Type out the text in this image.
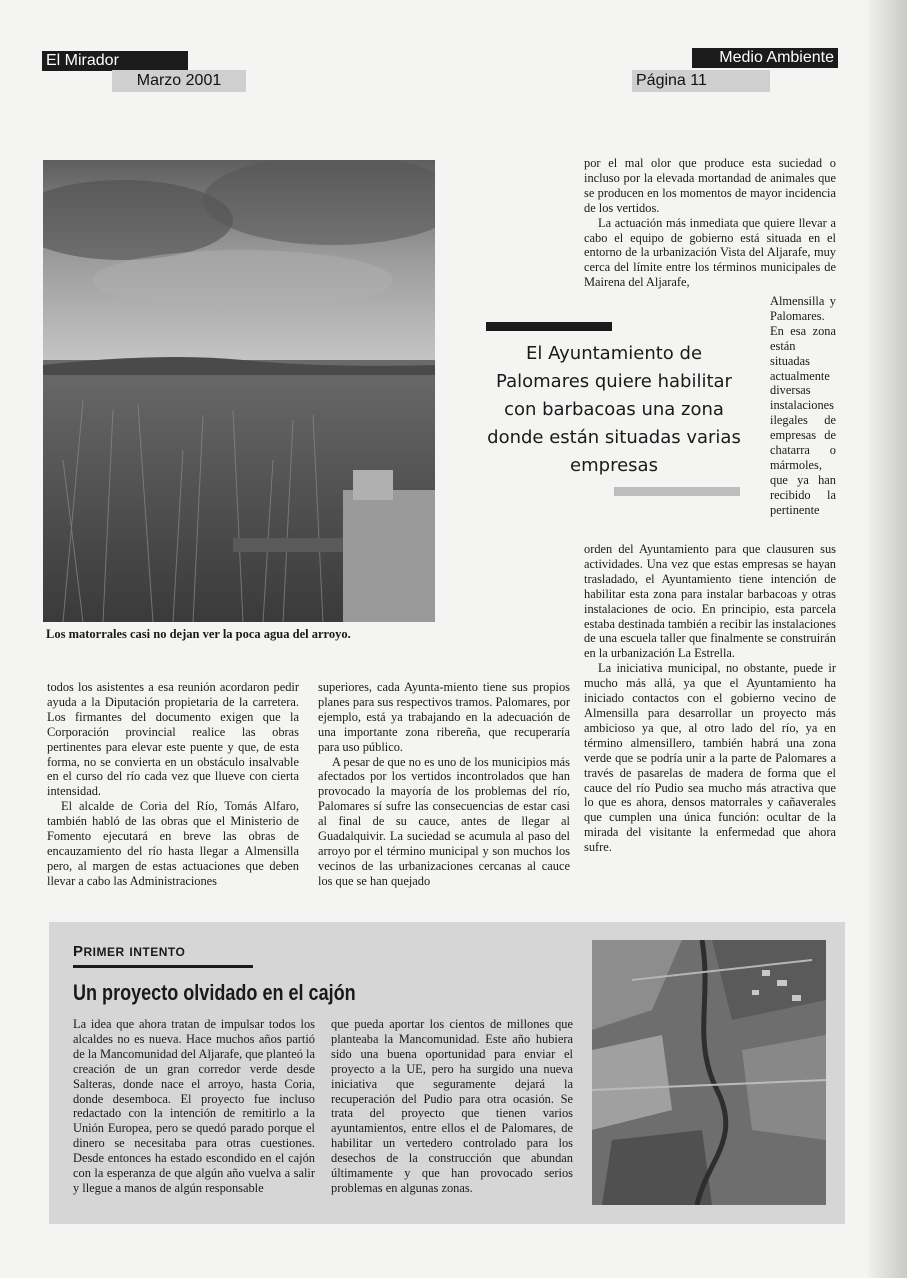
El Mirador
Marzo 2001
Medio Ambiente
Página 11
Los matorrales casi no dejan ver la poca agua del arroyo.

por el mal olor que produce esta suciedad o incluso por la elevada mortandad de animales que se producen en los momentos de mayor incidencia de los vertidos.

La actuación más inmediata que quiere llevar a cabo el equipo de gobierno está situada en el entorno de la urbanización Vista del Aljarafe, muy cerca del límite entre los términos municipales de Mairena del Aljarafe,

El Ayuntamiento de Palomares quiere habilitar con barbacoas una zona donde están situadas varias empresas
Almensilla y Palomares. En esa zona están situadas actualmente diversas instalaciones ilegales de empresas de chatarra o mármoles, que ya han recibido la pertinente

orden del Ayuntamiento para que clausuren sus actividades. Una vez que estas empresas se hayan trasladado, el Ayuntamiento tiene intención de habilitar esta zona para instalar barbacoas y otras instalaciones de ocio. En principio, esta parcela estaba destinada también a recibir las instalaciones de una escuela taller que finalmente se construirán en la urbanización La Estrella.

La iniciativa municipal, no obstante, puede ir mucho más allá, ya que el Ayuntamiento ha iniciado contactos con el gobierno vecino de Almensilla para desarrollar un proyecto más ambicioso ya que, al otro lado del río, ya en término almensillero, también habrá una zona verde que se podría unir a la parte de Palomares a través de pasarelas de madera de forma que el cauce del río Pudio sea mucho más atractiva que lo que es ahora, densos matorrales y cañaverales que cumplen una única función: ocultar de la mirada del visitante la enfermedad que ahora sufre.

todos los asistentes a esa reunión acordaron pedir ayuda a la Diputación propietaria de la carretera. Los firmantes del documento exigen que la Corporación provincial realice las obras pertinentes para elevar este puente y que, de esta forma, no se convierta en un obstáculo insalvable en el curso del río cada vez que llueve con cierta intensidad.

El alcalde de Coria del Río, Tomás Alfaro, también habló de las obras que el Ministerio de Fomento ejecutará en breve las obras de encauzamiento del río hasta llegar a Almensilla pero, al margen de estas actuaciones que deben llevar a cabo las Administraciones

superiores, cada Ayunta-miento tiene sus propios planes para sus respectivos tramos. Palomares, por ejemplo, está ya trabajando en la adecuación de una importante zona ribereña, que recuperaría para uso público.

A pesar de que no es uno de los municipios más afectados por los vertidos incontrolados que han provocado la mayoría de los problemas del río, Palomares sí sufre las consecuencias de estar casi al final de su cauce, antes de llegar al Guadalquivir. La suciedad se acumula al paso del arroyo por el término municipal y son muchos los vecinos de las urbanizaciones cercanas al cauce los que se han quejado

PRIMER INTENTO
Un proyecto olvidado en el cajón
La idea que ahora tratan de impulsar todos los alcaldes no es nueva. Hace muchos años partió de la Mancomunidad del Aljarafe, que planteó la creación de un gran corredor verde desde Salteras, donde nace el arroyo, hasta Coria, donde desemboca. El proyecto fue incluso redactado con la intención de remitirlo a la Unión Europea, pero se quedó parado porque el dinero se necesitaba para otras cuestiones. Desde entonces ha estado escondido en el cajón con la esperanza de que algún año vuelva a salir y llegue a manos de algún responsable
que pueda aportar los cientos de millones que planteaba la Mancomunidad. Este año hubiera sido una buena oportunidad para enviar el proyecto a la UE, pero ha surgido una nueva iniciativa que seguramente dejará la recuperación del Pudio para otra ocasión. Se trata del proyecto que tienen varios ayuntamientos, entre ellos el de Palomares, de habilitar un vertedero controlado para los desechos de la construcción que abundan últimamente y que han provocado serios problemas en algunas zonas.
